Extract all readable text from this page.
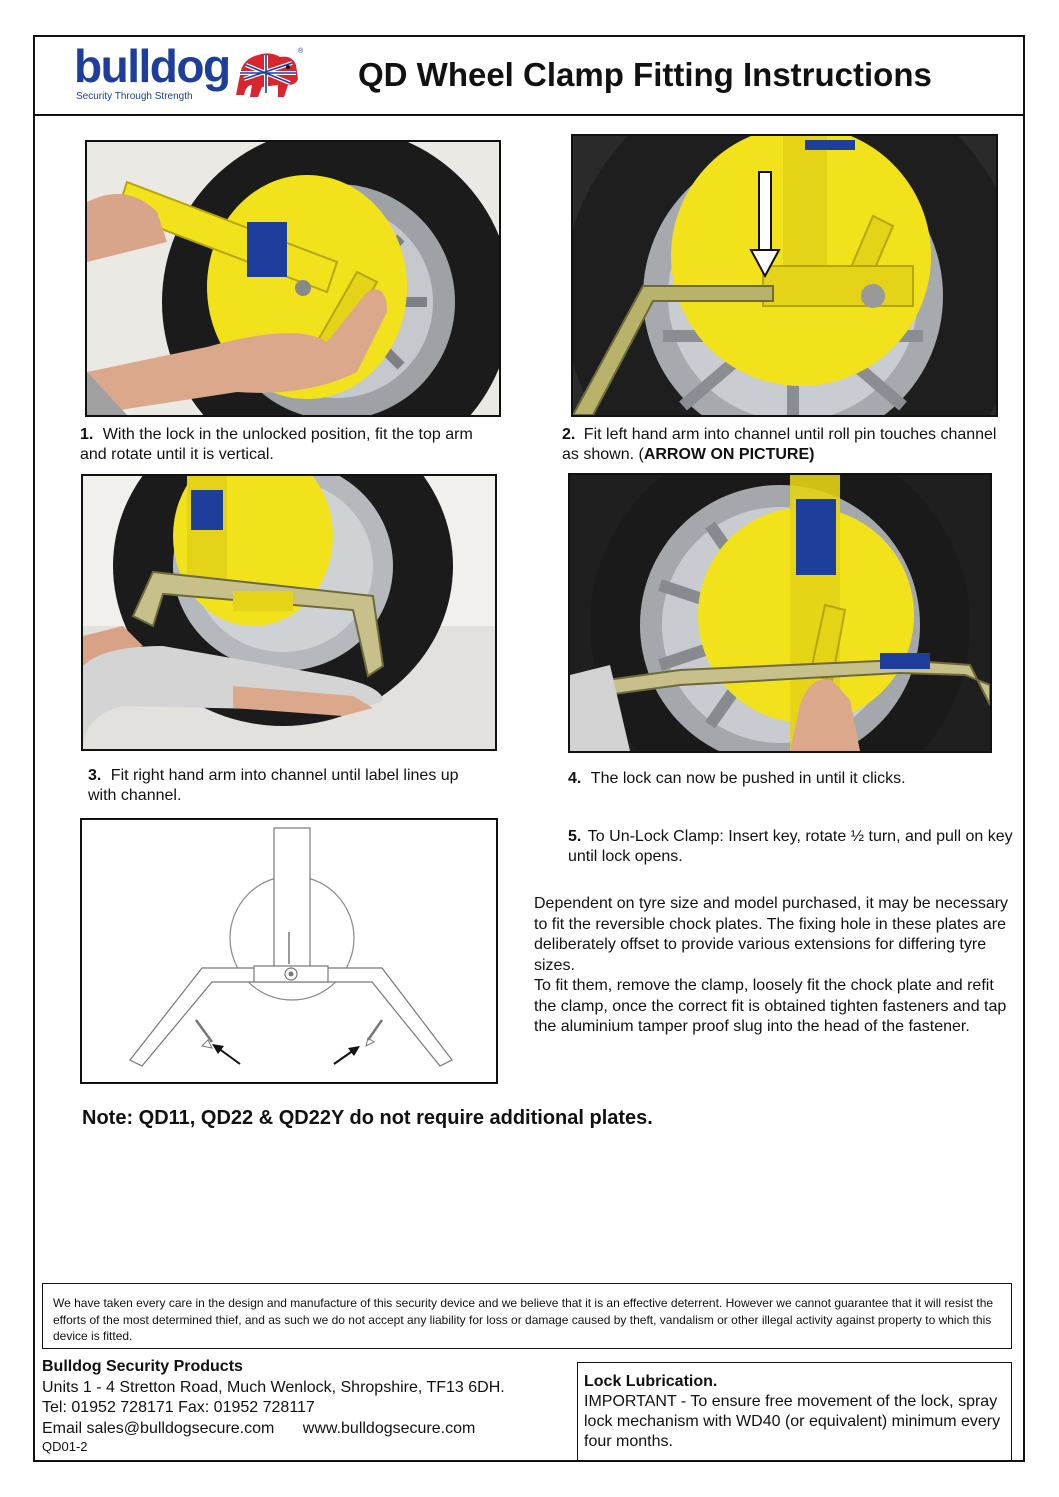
bulldog
Security Through Strength
®
QD Wheel Clamp Fitting Instructions
1. With the lock in the unlocked position, fit the top arm and rotate until it is vertical.
2. Fit left hand arm into channel until roll pin touches channel as shown. (ARROW ON PICTURE)
3. Fit right hand arm into channel until label lines up with channel.
4. The lock can now be pushed in until it clicks.
5. To Un-Lock Clamp: Insert key, rotate ½ turn, and pull on key until lock opens.
Dependent on tyre size and model purchased, it may be necessary to fit the reversible chock plates. The fixing hole in these plates are deliberately offset to provide various extensions for differing tyre sizes.
To fit them, remove the clamp, loosely fit the chock plate and refit the clamp, once the correct fit is obtained tighten fasteners and tap the aluminium tamper proof slug into the head of the fastener.
Note: QD11, QD22 & QD22Y do not require additional plates.
We have taken every care in the design and manufacture of this security device and we believe that it is an effective deterrent. However we cannot guarantee that it will resist the efforts of the most determined thief, and as such we do not accept any liability for loss or damage caused by theft, vandalism or other illegal activity against property to which this device is fitted.
Bulldog Security Products
Units 1 - 4 Stretton Road, Much Wenlock, Shropshire, TF13 6DH.
Tel: 01952 728171 Fax: 01952 728117
Email sales@bulldogsecure.com www.bulldogsecure.com
QD01-2
Lock Lubrication.
IMPORTANT - To ensure free movement of the lock, spray lock mechanism with WD40 (or equivalent) minimum every four months.
